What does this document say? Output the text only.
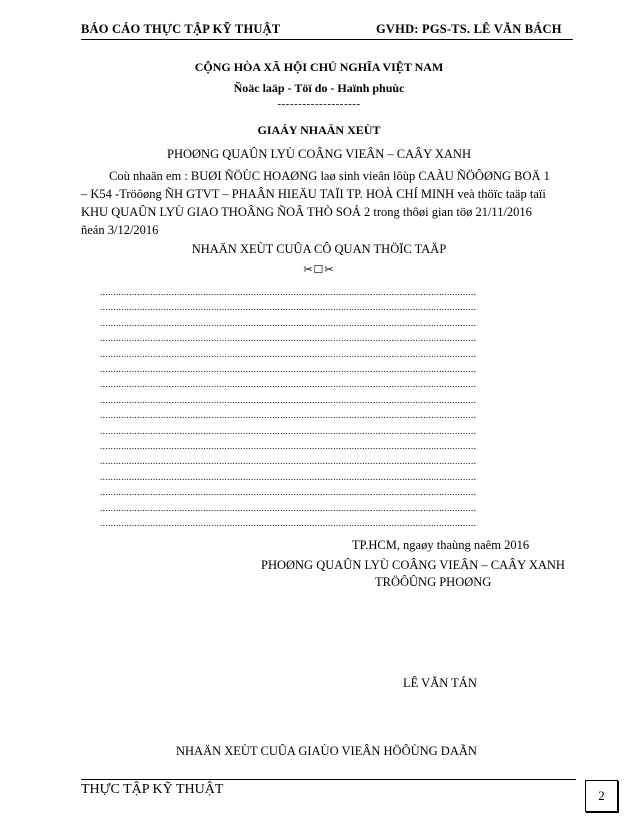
BÁO CÁO THỰC TẬP KỸ THUẬT	GVHD: PGS-TS. LÊ VĂN BÁCH
CỘNG HÒA XÃ HỘI CHỦ NGHĨA VIỆT NAM
Ñoäc laäp - Töï do - Haïnh phuùc
--------------------
GIAÁY NHAÄN XEÙT
PHOØNG QUAÛN LYÙ COÂNG VIEÂN – CAÂY XANH
Coù nhaän em : BUØI ÑÖÙC HOAØNG laø sinh vieân lôùp CAÀU ÑÖÔØNG BOÄ 1
– K54 -Tröôøng ÑH GTVT – PHAÂN HIEÄU TAÏI TP. HOÀ CHÍ MINH veà thöïc taäp taïi
KHU QUAÛN LYÙ GIAO THOÂNG ÑOÂ THÒ SOÁ 2 trong thôøi gian töø 21/11/2016
ñeán 3/12/2016
NHAÄN XEÙT CUÛA CÔ QUAN THÖÏC TAÄP
✂☐✂
..............................................................................................................................................
..............................................................................................................................................
..............................................................................................................................................
..............................................................................................................................................
..............................................................................................................................................
..............................................................................................................................................
..............................................................................................................................................
..............................................................................................................................................
..............................................................................................................................................
..............................................................................................................................................
..............................................................................................................................................
..............................................................................................................................................
..............................................................................................................................................
..............................................................................................................................................
..............................................................................................................................................
..............................................................................................................................................
TP.HCM, ngaøy thaùng naêm 2016
PHOØNG QUAÛN LYÙ COÂNG VIEÂN – CAÂY XANH
TRÖÔÛNG PHOØNG
LÊ VĂN TÁN
NHAÄN XEÙT CUÛA GIAÙO VIEÂN HÖÔÙNG DAÃN
THỰC TẬP KỸ THUẬT	2
